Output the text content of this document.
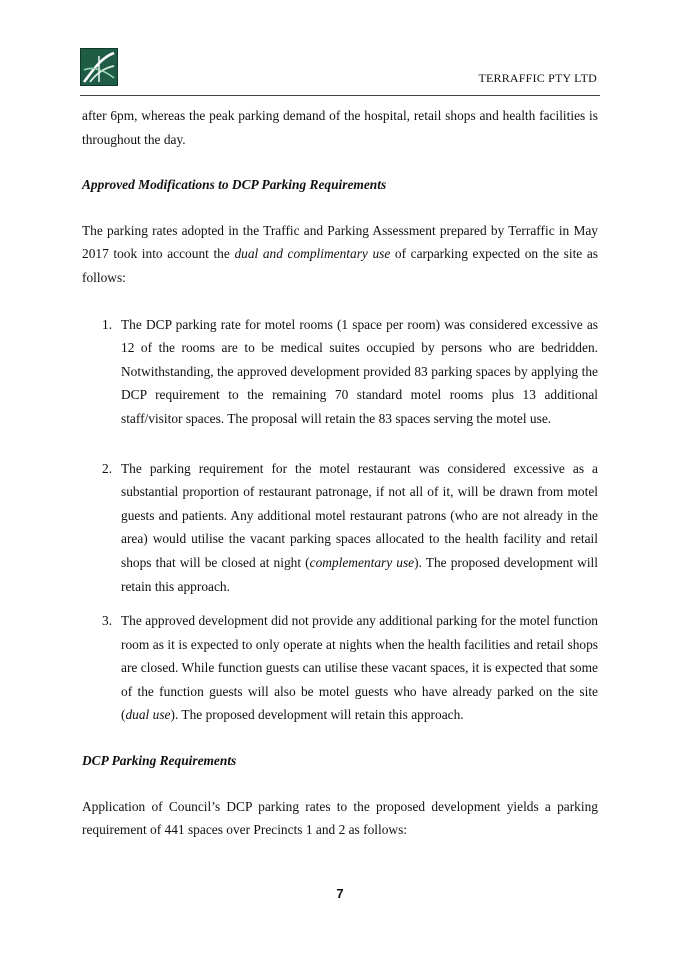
TERRAFFIC PTY LTD

after 6pm, whereas the peak parking demand of the hospital, retail shops and health facilities is throughout the day.

Approved Modifications to DCP Parking Requirements

The parking rates adopted in the Traffic and Parking Assessment prepared by Terraffic in May 2017 took into account the dual and complimentary use of carparking expected on the site as follows:

1. The DCP parking rate for motel rooms (1 space per room) was considered excessive as 12 of the rooms are to be medical suites occupied by persons who are bedridden. Notwithstanding, the approved development provided 83 parking spaces by applying the DCP requirement to the remaining 70 standard motel rooms plus 13 additional staff/visitor spaces. The proposal will retain the 83 spaces serving the motel use.
2. The parking requirement for the motel restaurant was considered excessive as a substantial proportion of restaurant patronage, if not all of it, will be drawn from motel guests and patients. Any additional motel restaurant patrons (who are not already in the area) would utilise the vacant parking spaces allocated to the health facility and retail shops that will be closed at night (complementary use). The proposed development will retain this approach.
3. The approved development did not provide any additional parking for the motel function room as it is expected to only operate at nights when the health facilities and retail shops are closed. While function guests can utilise these vacant spaces, it is expected that some of the function guests will also be motel guests who have already parked on the site (dual use). The proposed development will retain this approach.

DCP Parking Requirements

Application of Council’s DCP parking rates to the proposed development yields a parking requirement of 441 spaces over Precincts 1 and 2 as follows:

7
